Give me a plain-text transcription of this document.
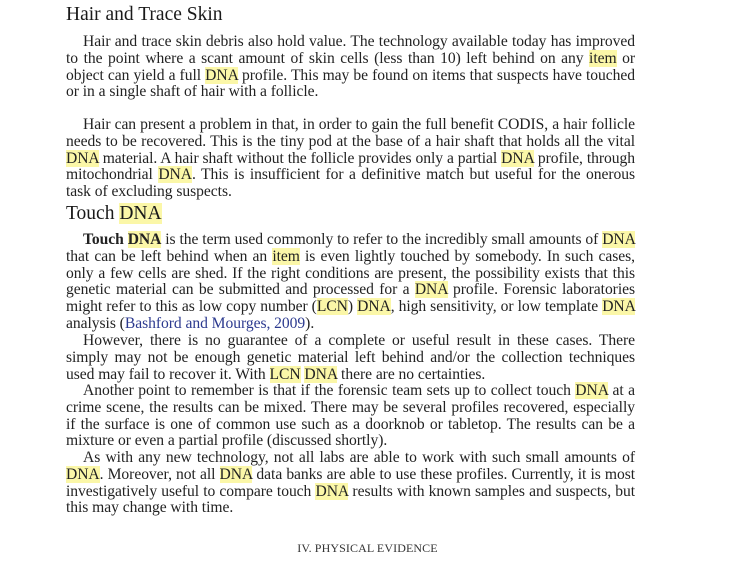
Hair and Trace Skin

Hair and trace skin debris also hold value. The technology available today has improved to the point where a scant amount of skin cells (less than 10) left behind on any item or object can yield a full DNA profile. This may be found on items that suspects have touched or in a single shaft of hair with a follicle.

Hair can present a problem in that, in order to gain the full benefit CODIS, a hair follicle needs to be recovered. This is the tiny pod at the base of a hair shaft that holds all the vital DNA material. A hair shaft without the follicle provides only a partial DNA profile, through mitochondrial DNA. This is insufficient for a definitive match but useful for the onerous task of excluding suspects.

Touch DNA

Touch DNA is the term used commonly to refer to the incredibly small amounts of DNA that can be left behind when an item is even lightly touched by somebody. In such cases, only a few cells are shed. If the right conditions are present, the possibility exists that this genetic material can be submitted and processed for a DNA profile. Forensic laboratories might refer to this as low copy number (LCN) DNA, high sensitivity, or low template DNA analysis (Bashford and Mourges, 2009).

However, there is no guarantee of a complete or useful result in these cases. There simply may not be enough genetic material left behind and/or the collection techniques used may fail to recover it. With LCN DNA there are no certainties.

Another point to remember is that if the forensic team sets up to collect touch DNA at a crime scene, the results can be mixed. There may be several profiles recovered, especially if the surface is one of common use such as a doorknob or tabletop. The results can be a mixture or even a partial profile (discussed shortly).

As with any new technology, not all labs are able to work with such small amounts of DNA. Moreover, not all DNA data banks are able to use these profiles. Currently, it is most investigatively useful to compare touch DNA results with known samples and suspects, but this may change with time.

IV. PHYSICAL EVIDENCE
